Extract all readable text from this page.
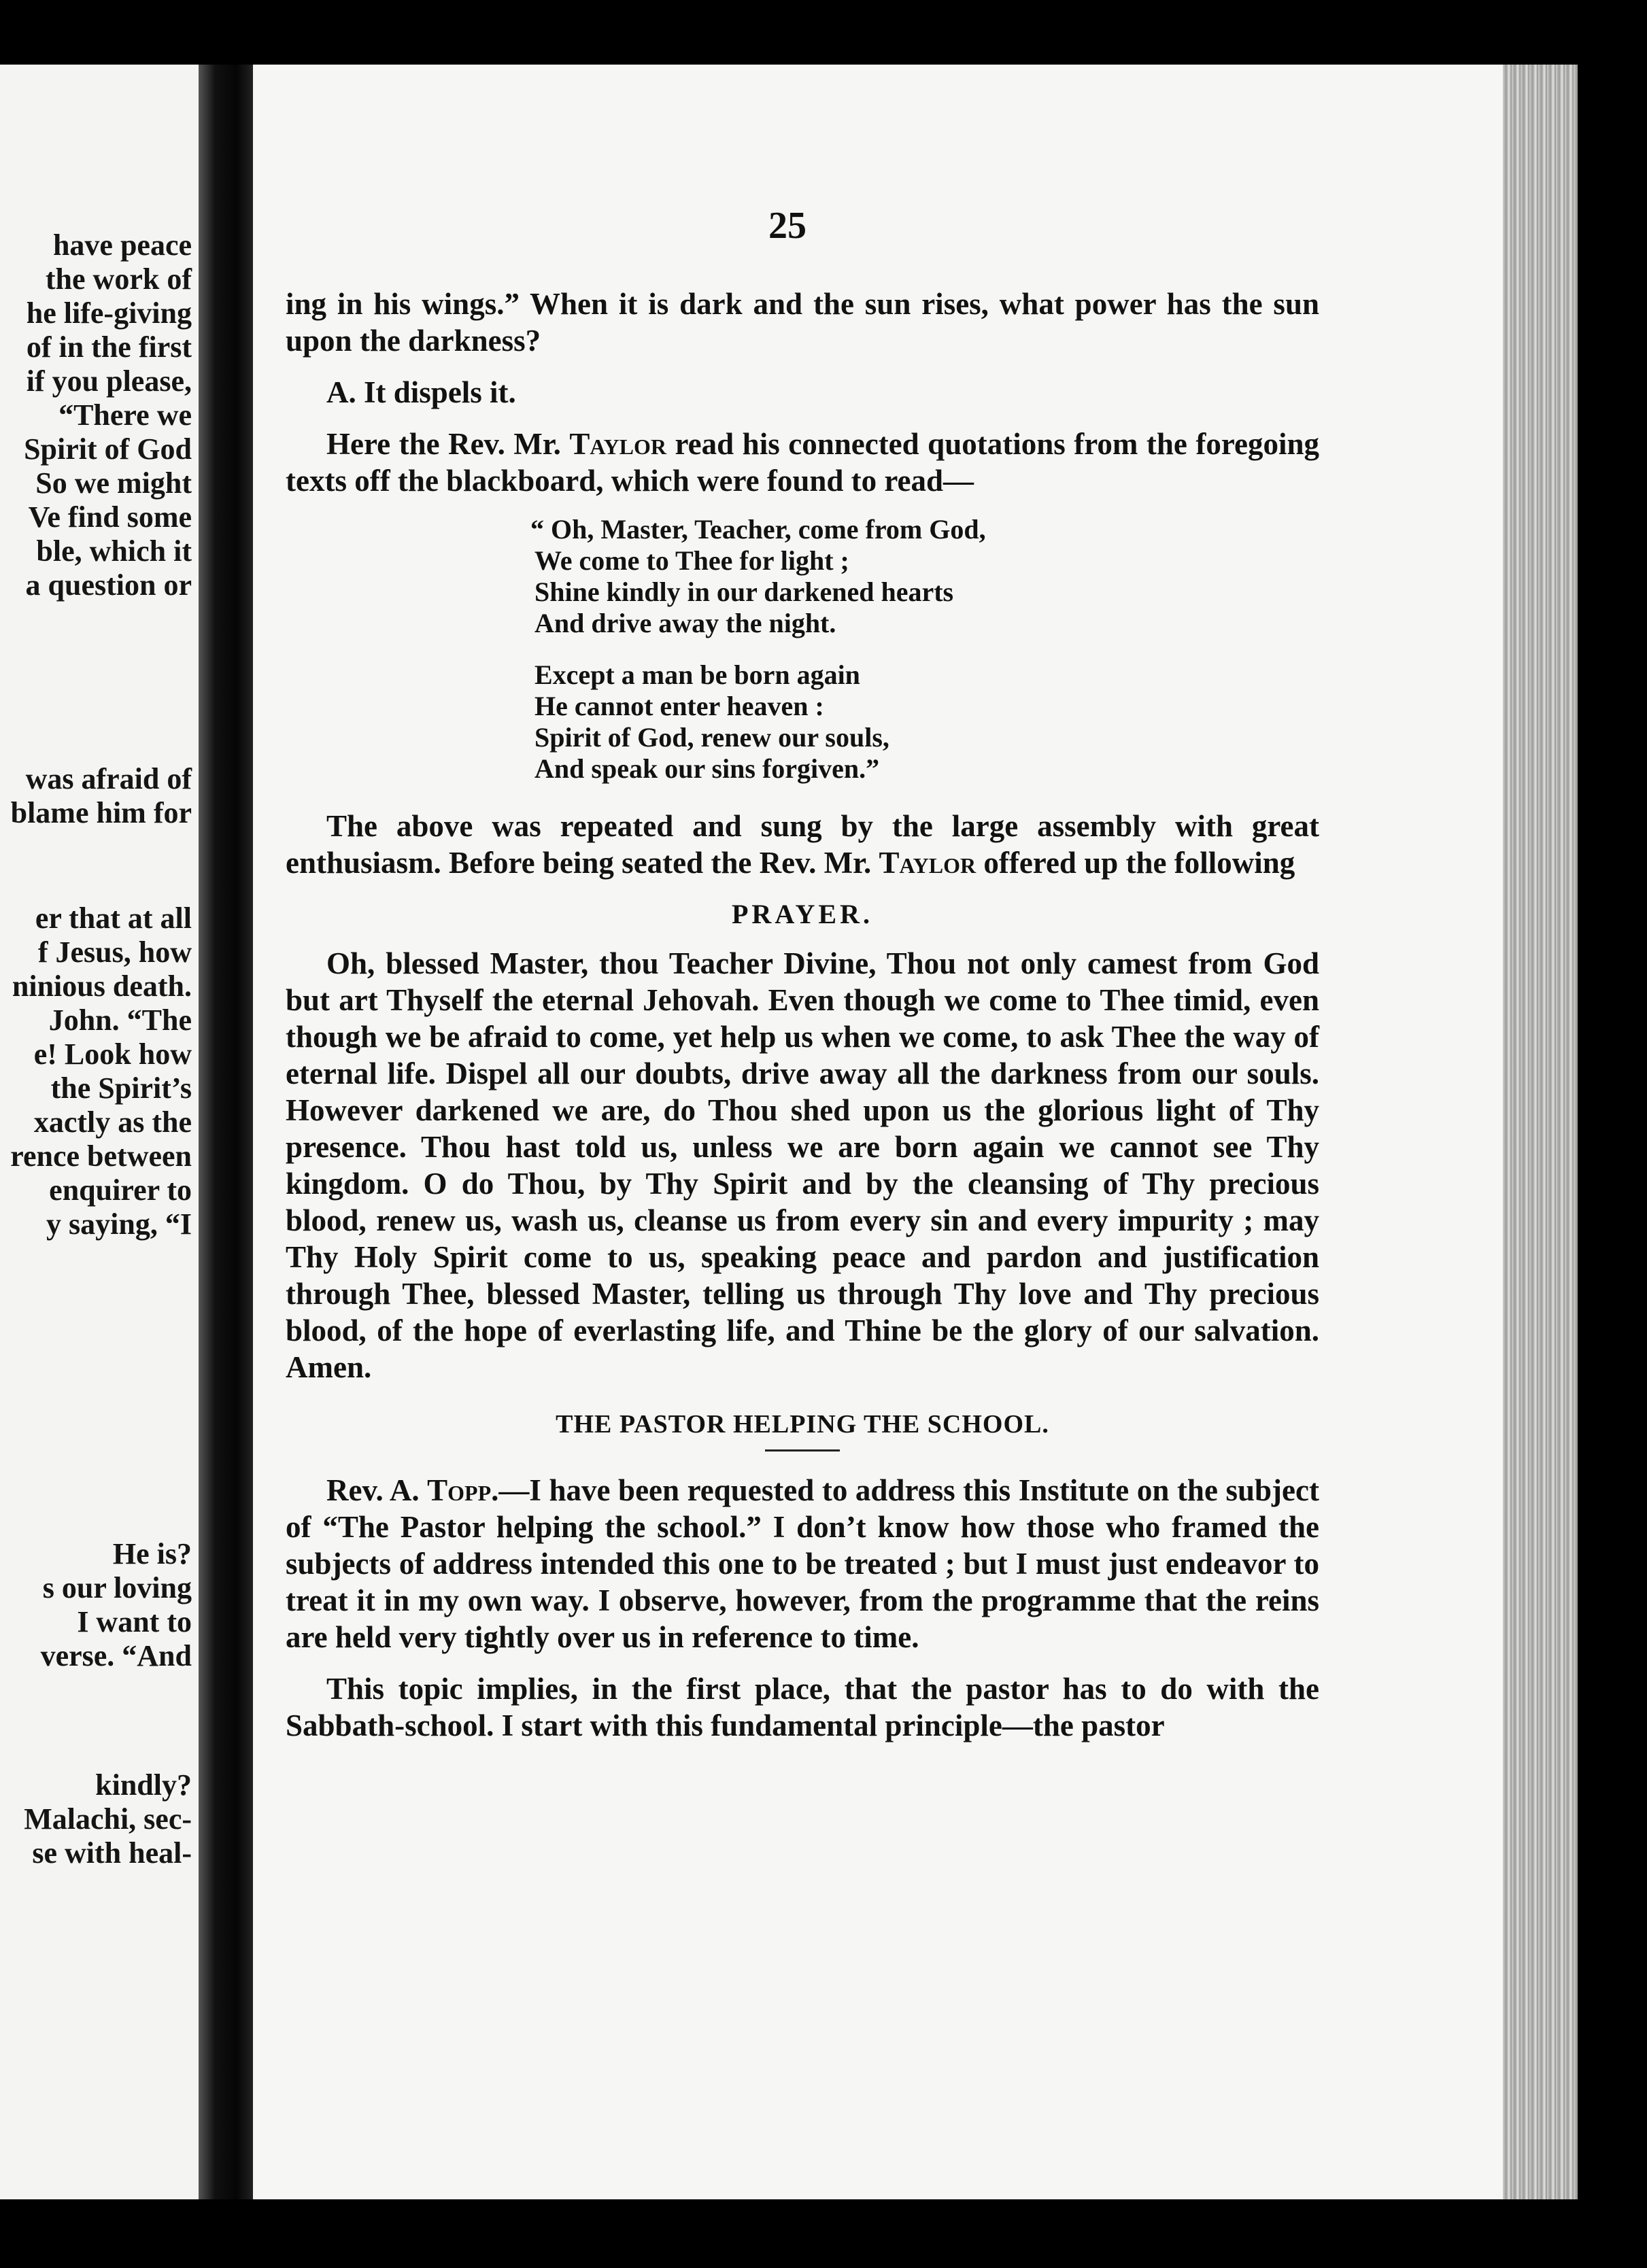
have peace
the work of
he life-giving
of in the first
if you please,
“There we
Spirit of God
So we might
Ve find some
ble, which it
a question or
was afraid of
blame him for
er that at all
f Jesus, how
ninious death.
John. “The
e! Look how
the Spirit’s
xactly as the
rence between
enquirer to
y saying, “I
He is?
s our loving
I want to
verse. “And
kindly?
Malachi, sec-
se with heal-
25

ing in his wings.” When it is dark and the sun rises, what power has the sun upon the darkness?

A. It dispels it.

Here the Rev. Mr. Taylor read his connected quotations from the foregoing texts off the blackboard, which were found to read—

“ Oh, Master, Teacher, come from God,
We come to Thee for light ;
Shine kindly in our darkened hearts
And drive away the night.
Except a man be born again
He cannot enter heaven :
Spirit of God, renew our souls,
And speak our sins forgiven.”

The above was repeated and sung by the large assembly with great enthusiasm. Before being seated the Rev. Mr. Taylor offered up the following

PRAYER.

Oh, blessed Master, thou Teacher Divine, Thou not only camest from God but art Thyself the eternal Jehovah. Even though we come to Thee timid, even though we be afraid to come, yet help us when we come, to ask Thee the way of eternal life. Dispel all our doubts, drive away all the darkness from our souls. However darkened we are, do Thou shed upon us the glorious light of Thy presence. Thou hast told us, unless we are born again we cannot see Thy kingdom. O do Thou, by Thy Spirit and by the cleansing of Thy precious blood, renew us, wash us, cleanse us from every sin and every impurity ; may Thy Holy Spirit come to us, speaking peace and pardon and justification through Thee, blessed Master, telling us through Thy love and Thy precious blood, of the hope of everlasting life, and Thine be the glory of our salvation. Amen.

THE PASTOR HELPING THE SCHOOL.

Rev. A. Topp.—I have been requested to address this Institute on the subject of “The Pastor helping the school.” I don’t know how those who framed the subjects of address intended this one to be treated ; but I must just endeavor to treat it in my own way. I observe, however, from the programme that the reins are held very tightly over us in reference to time.

This topic implies, in the first place, that the pastor has to do with the Sabbath-school. I start with this fundamental principle—the pastor
